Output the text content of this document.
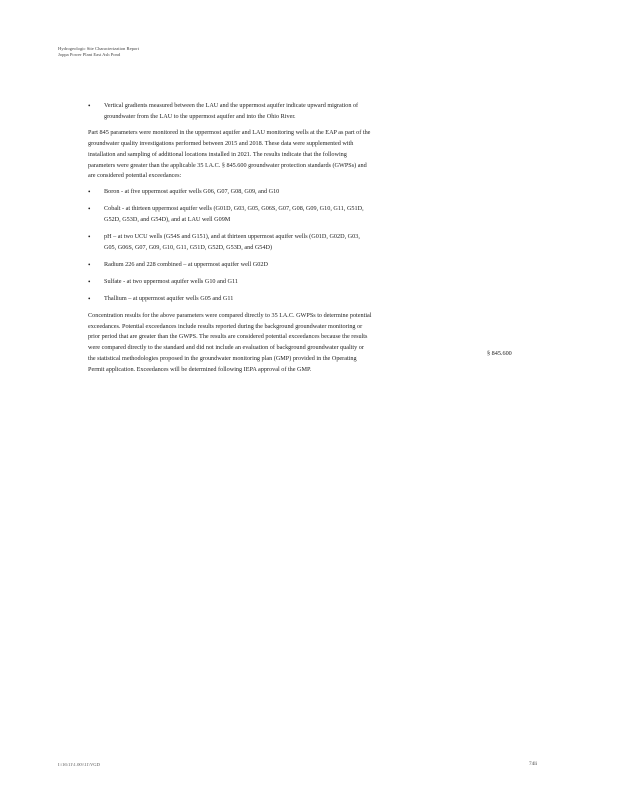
Hydrogeologic Site Characterization Report
Joppa Power Plant East Ash Pond
• Vertical gradients measured between the LAU and the uppermost aquifer indicate upward migration of groundwater from the LAU to the uppermost aquifer and into the Ohio River.

Part 845 parameters were monitored in the uppermost aquifer and LAU monitoring wells at the EAP as part of the groundwater quality investigations performed between 2015 and 2018. These data were supplemented with installation and sampling of additional locations installed in 2021. The results indicate that the following parameters were greater than the applicable 35 I.A.C. § 845.600 groundwater protection standards (GWPSs) and are considered potential exceedances:

• Boron - at five uppermost aquifer wells G06, G07, G08, G09, and G10
• Cobalt - at thirteen uppermost aquifer wells (G01D, G03, G05, G06S, G07, G08, G09, G10, G11, G51D, G52D, G53D, and G54D), and at LAU well G09M
• pH – at two UCU wells (G54S and G151), and at thirteen uppermost aquifer wells (G01D, G02D, G03, G05, G06S, G07, G09, G10, G11, G51D, G52D, G53D, and G54D)
• Radium 226 and 228 combined – at uppermost aquifer well G02D
• Sulfate - at two uppermost aquifer wells G10 and G11
• Thallium – at uppermost aquifer wells G05 and G11

Concentration results for the above parameters were compared directly to 35 I.A.C. GWPSs to determine potential exceedances. Potential exceedances include results reported during the background groundwater monitoring or prior period that are greater than the GWPS. The results are considered potential exceedances because the results were compared directly to the standard and did not include an evaluation of background groundwater quality or the statistical methodologies proposed in the groundwater monitoring plan (GMP) provided in the Operating Permit application. Exceedances will be determined following IEPA approval of the GMP.

§ 845.600
I:\16\11\1.00\\11\VGD	74li
